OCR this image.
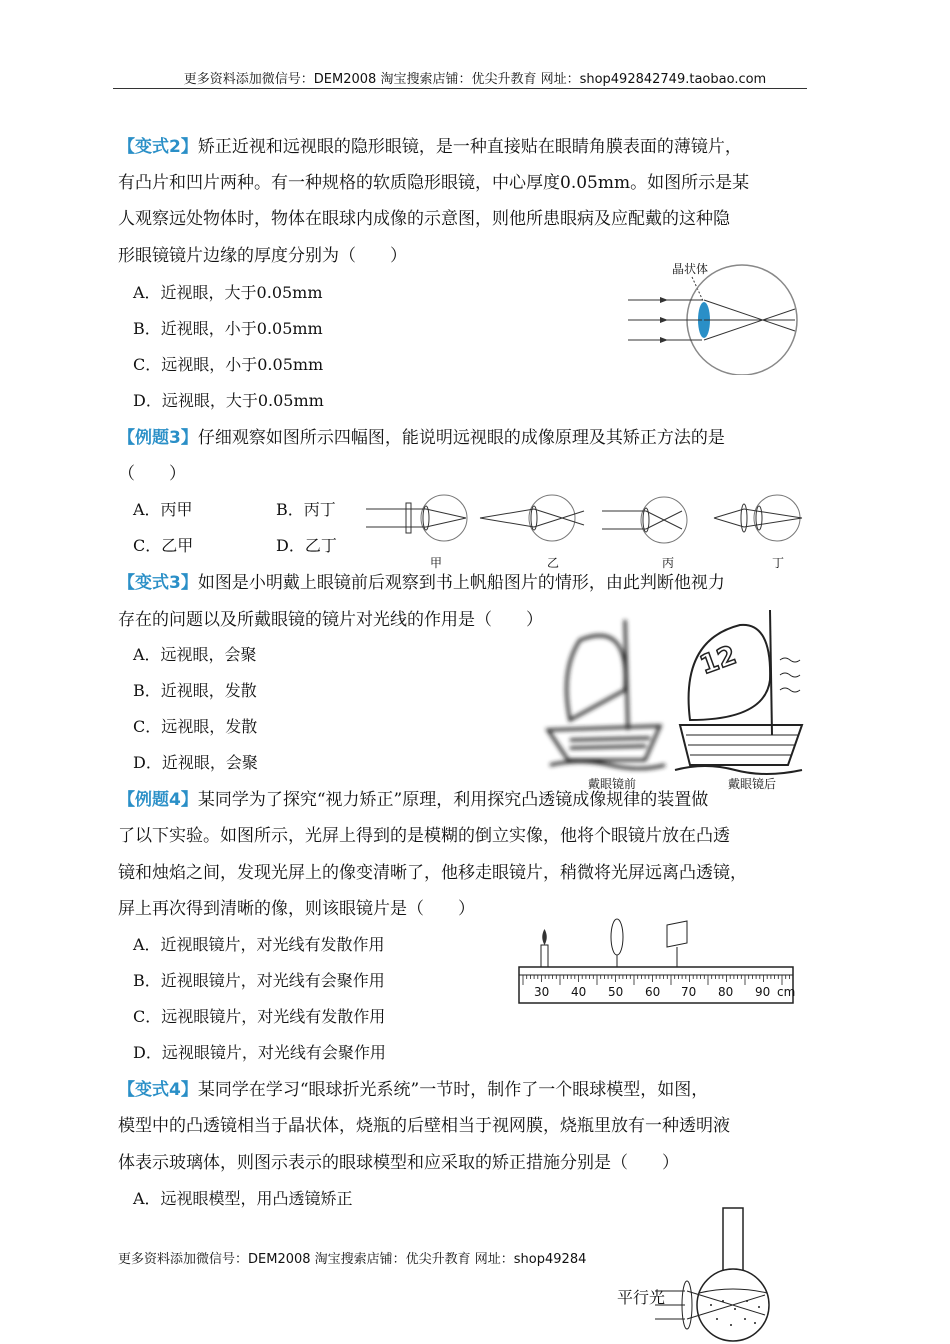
更多资料添加微信号：DEM2008 淘宝搜索店铺：优尖升教育 网址：shop492842749.taobao.com
【变式2】矫正近视和远视眼的隐形眼镜，是一种直接贴在眼睛角膜表面的薄镜片，
有凸片和凹片两种。有一种规格的软质隐形眼镜，中心厚度0.05mm。如图所示是某
人观察远处物体时，物体在眼球内成像的示意图，则他所患眼病及应配戴的这种隐
形眼镜镜片边缘的厚度分别为（　　）
A．近视眼，大于0.05mm
B．近视眼，小于0.05mm
C．远视眼，小于0.05mm
D．远视眼，大于0.05mm
晶状体
【例题3】仔细观察如图所示四幅图，能说明远视眼的成像原理及其矫正方法的是
（　　）
A．丙甲	B．丙丁
C．乙甲	D．乙丁
甲	乙	丙	丁
【变式3】如图是小明戴上眼镜前后观察到书上帆船图片的情形，由此判断他视力
存在的问题以及所戴眼镜的镜片对光线的作用是（　　）
A．远视眼，会聚
B．近视眼，发散
C．远视眼，发散
D．近视眼，会聚
12
戴眼镜前	戴眼镜后
【例题4】某同学为了探究“视力矫正”原理，利用探究凸透镜成像规律的装置做
了以下实验。如图所示，光屏上得到的是模糊的倒立实像，他将个眼镜片放在凸透
镜和烛焰之间，发现光屏上的像变清晰了，他移走眼镜片，稍微将光屏远离凸透镜，
屏上再次得到清晰的像，则该眼镜片是（　　）
A．近视眼镜片，对光线有发散作用
B．近视眼镜片，对光线有会聚作用
C．远视眼镜片，对光线有发散作用
D．远视眼镜片，对光线有会聚作用
30 40 50 60 70 80 90 cm
【变式4】某同学在学习“眼球折光系统”一节时，制作了一个眼球模型，如图，
模型中的凸透镜相当于晶状体，烧瓶的后壁相当于视网膜，烧瓶里放有一种透明液
体表示玻璃体，则图示表示的眼球模型和应采取的矫正措施分别是（　　）
A．远视眼模型，用凸透镜矫正
更多资料添加微信号：DEM2008 淘宝搜索店铺：优尖升教育 网址：shop49284
平行光
